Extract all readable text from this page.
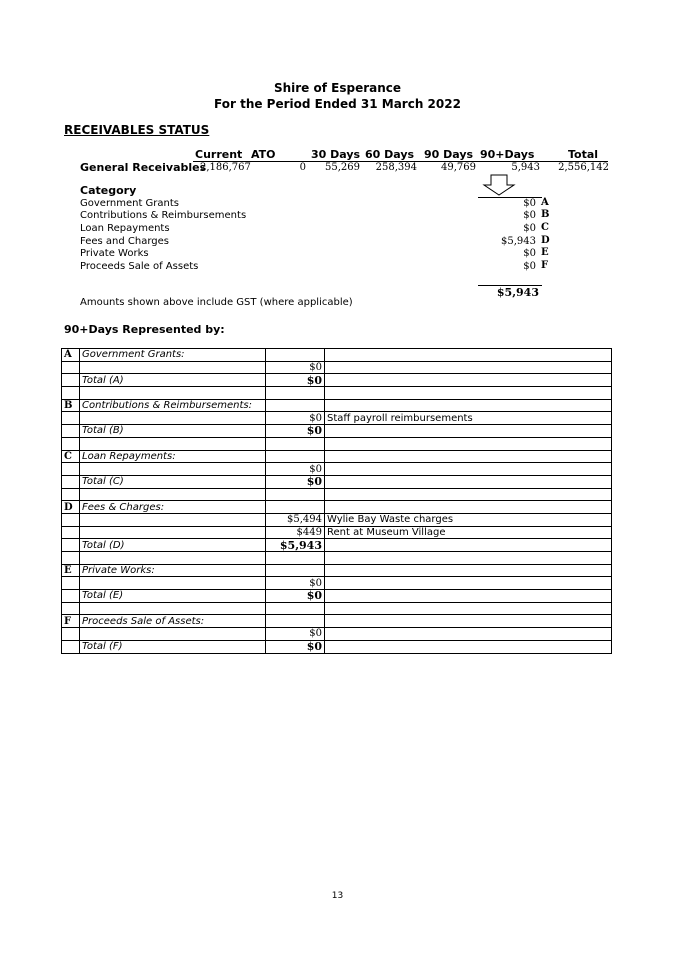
Shire of Esperance
For the Period Ended 31 March 2022
RECEIVABLES STATUS
Current ATO	30 Days 60 Days 90 Days 90+Days	Total
General Receivables
2,186,767	0	55,269	258,394	49,769	5,943	2,556,142
Category
Government Grants	$0 A
Contributions & Reimbursements	$0 B
Loan Repayments	$0 C
Fees and Charges	$5,943 D
Private Works	$0 E
Proceeds Sale of Assets	$0 F
$5,943
Amounts shown above include GST (where applicable)
90+Days Represented by:
A	Government Grants:		
		$0	
	Total (A)	$0	

B	Contributions & Reimbursements:		
		$0	Staff payroll reimbursements
	Total (B)	$0	

C	Loan Repayments:		
		$0	
	Total (C)	$0	

D	Fees & Charges:		
		$5,494	Wylie Bay Waste charges
		$449	Rent at Museum Village
	Total (D)	$5,943	

E	Private Works:		
		$0	
	Total (E)	$0	

F	Proceeds Sale of Assets:		
		$0	
	Total (F)	$0	
13
